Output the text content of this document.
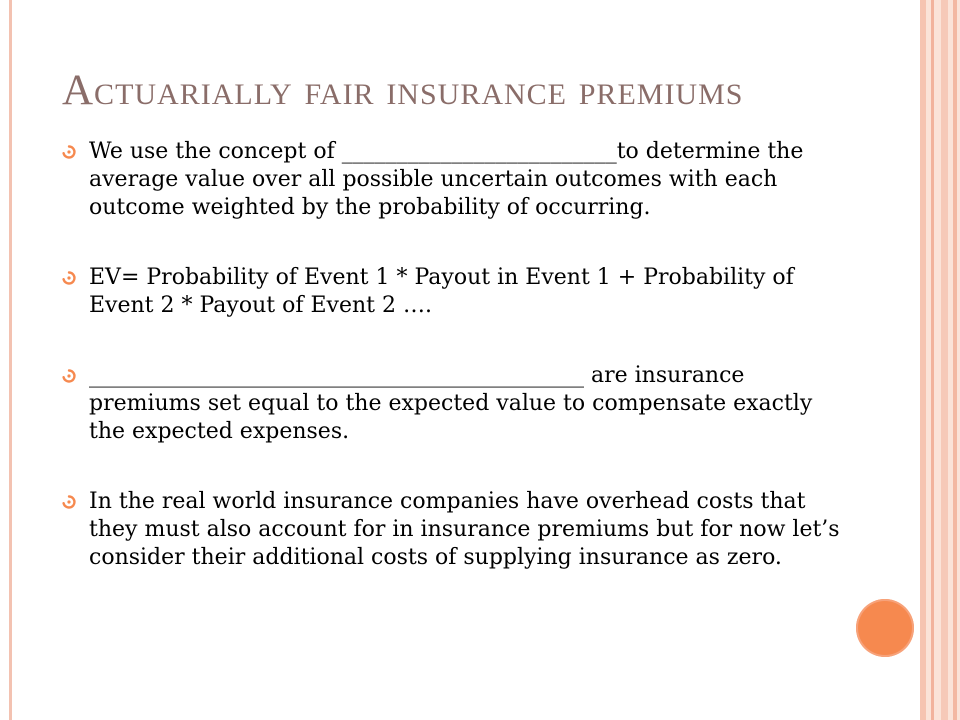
Actuarially fair insurance premiums
We use the concept of _________________________to determine the average value over all possible uncertain outcomes with each outcome weighted by the probability of occurring.
EV= Probability of Event 1 * Payout in Event 1 + Probability of Event 2 * Payout of Event 2 ….
_____________________________________________ are insurance premiums set equal to the expected value to compensate exactly the expected expenses.
In the real world insurance companies have overhead costs that they must also account for in insurance premiums but for now let’s consider their additional costs of supplying insurance as zero.
